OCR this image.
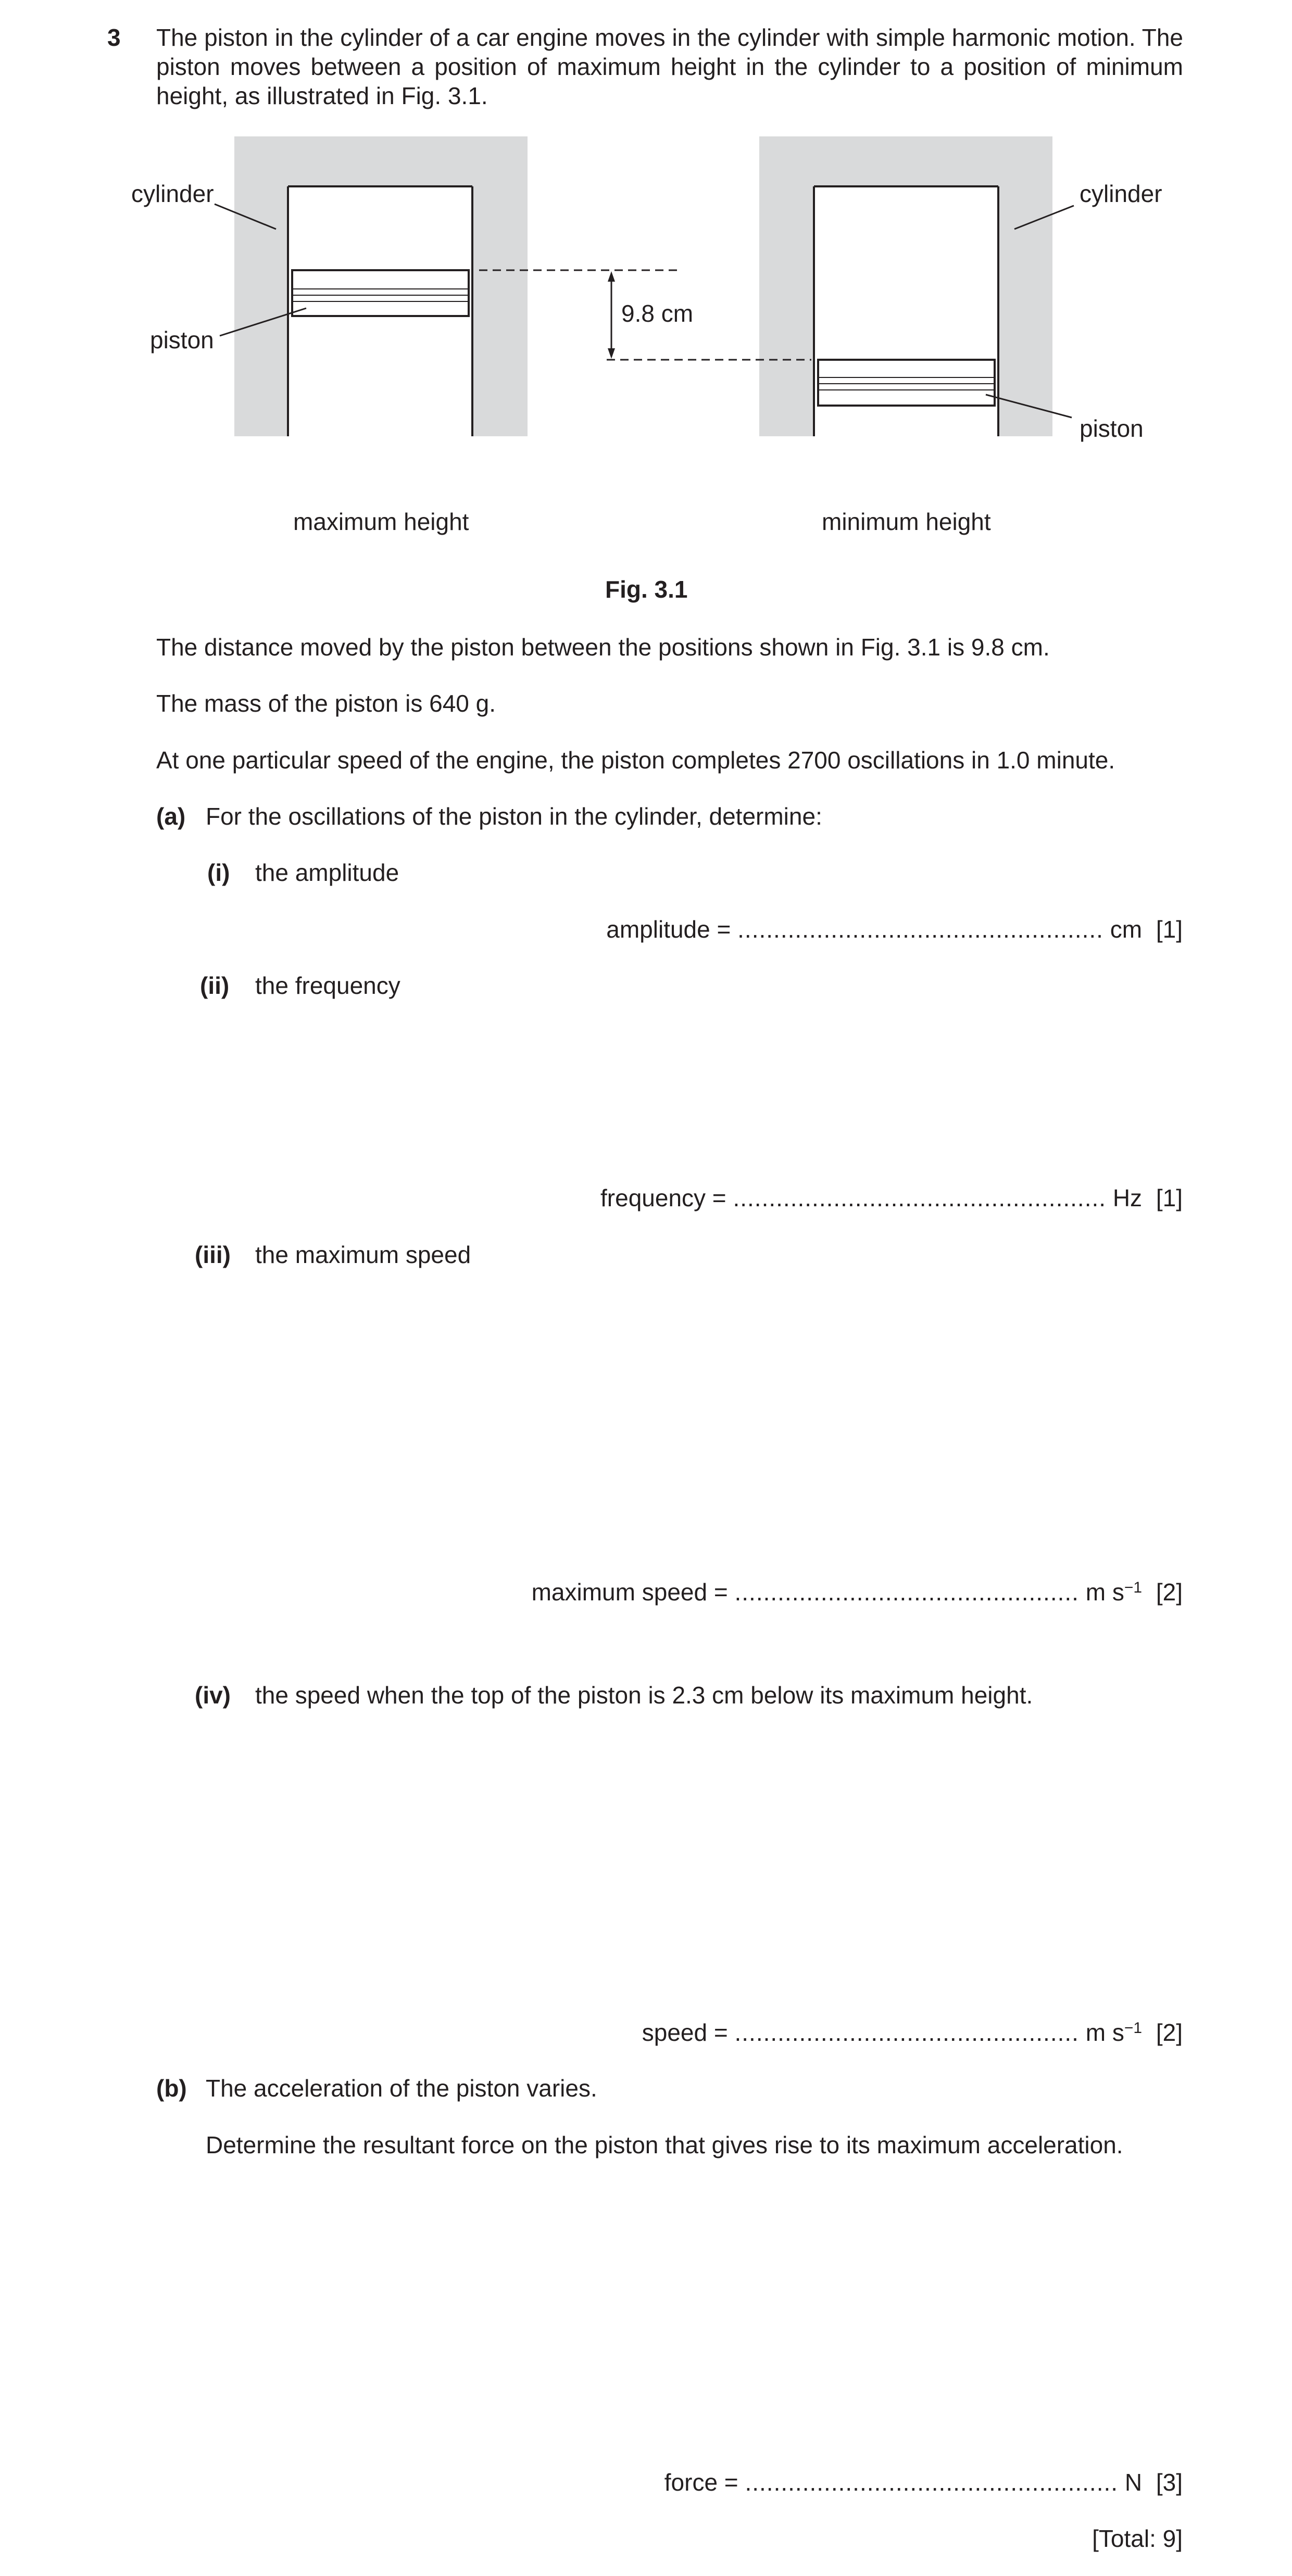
3 The piston in the cylinder of a car engine moves in the cylinder with simple harmonic motion. The piston moves between a position of maximum height in the cylinder to a position of minimum height, as illustrated in Fig. 3.1.
cylinder
piston
cylinder
piston
9.8 cm
maximum height	minimum height
Fig. 3.1
The distance moved by the piston between the positions shown in Fig. 3.1 is 9.8 cm.
The mass of the piston is 640 g.
At one particular speed of the engine, the piston completes 2700 oscillations in 1.0 minute.
(a) For the oscillations of the piston in the cylinder, determine:
(i) the amplitude
amplitude = ................................................... cm [1]
(ii) the frequency
frequency = .................................................... Hz [1]
(iii) the maximum speed
maximum speed = ................................................ m $s^{-1}$ [2]
(iv) the speed when the top of the piston is 2.3 cm below its maximum height.
speed = ................................................ m $s^{-1}$ [2]
(b) The acceleration of the piston varies.
Determine the resultant force on the piston that gives rise to its maximum acceleration.
force = .................................................... N [3]
[Total: 9]
